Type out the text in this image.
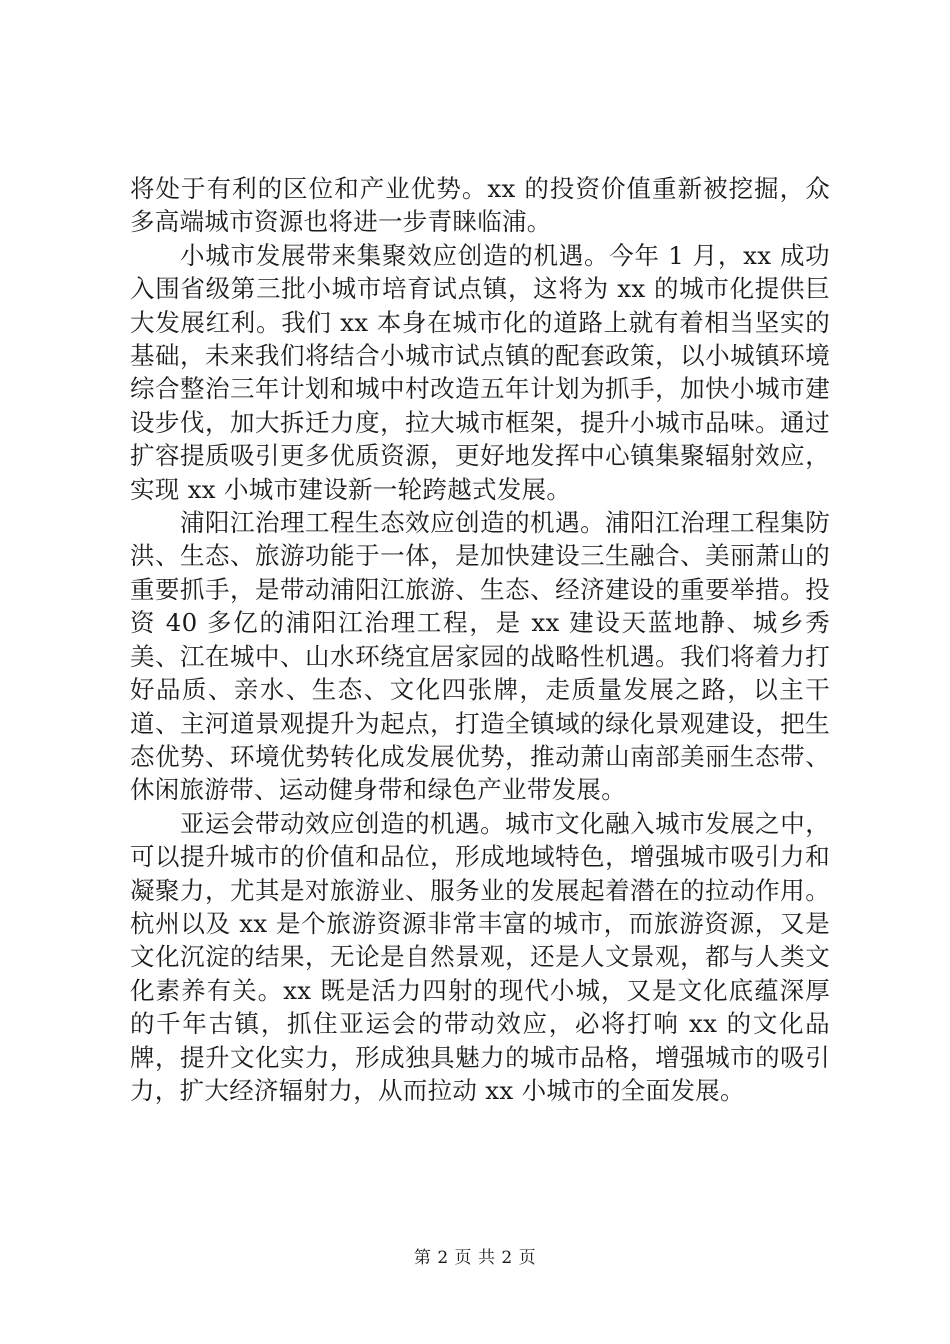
将处于有利的区位和产业优势。xx 的投资价值重新被挖掘，众多高端城市资源也将进一步青睐临浦。

小城市发展带来集聚效应创造的机遇。今年 1 月，xx 成功入围省级第三批小城市培育试点镇，这将为 xx 的城市化提供巨大发展红利。我们 xx 本身在城市化的道路上就有着相当坚实的基础，未来我们将结合小城市试点镇的配套政策，以小城镇环境综合整治三年计划和城中村改造五年计划为抓手，加快小城市建设步伐，加大拆迁力度，拉大城市框架，提升小城市品味。通过扩容提质吸引更多优质资源，更好地发挥中心镇集聚辐射效应，实现 xx 小城市建设新一轮跨越式发展。

浦阳江治理工程生态效应创造的机遇。浦阳江治理工程集防洪、生态、旅游功能于一体，是加快建设三生融合、美丽萧山的重要抓手，是带动浦阳江旅游、生态、经济建设的重要举措。投资 40 多亿的浦阳江治理工程，是 xx 建设天蓝地静、城乡秀美、江在城中、山水环绕宜居家园的战略性机遇。我们将着力打好品质、亲水、生态、文化四张牌，走质量发展之路，以主干道、主河道景观提升为起点，打造全镇域的绿化景观建设，把生态优势、环境优势转化成发展优势，推动萧山南部美丽生态带、休闲旅游带、运动健身带和绿色产业带发展。

亚运会带动效应创造的机遇。城市文化融入城市发展之中，可以提升城市的价值和品位，形成地域特色，增强城市吸引力和凝聚力，尤其是对旅游业、服务业的发展起着潜在的拉动作用。杭州以及 xx 是个旅游资源非常丰富的城市，而旅游资源，又是文化沉淀的结果，无论是自然景观，还是人文景观，都与人类文化素养有关。xx 既是活力四射的现代小城，又是文化底蕴深厚的千年古镇，抓住亚运会的带动效应，必将打响 xx 的文化品牌，提升文化实力，形成独具魅力的城市品格，增强城市的吸引力，扩大经济辐射力，从而拉动 xx 小城市的全面发展。

第 2 页 共 2 页
